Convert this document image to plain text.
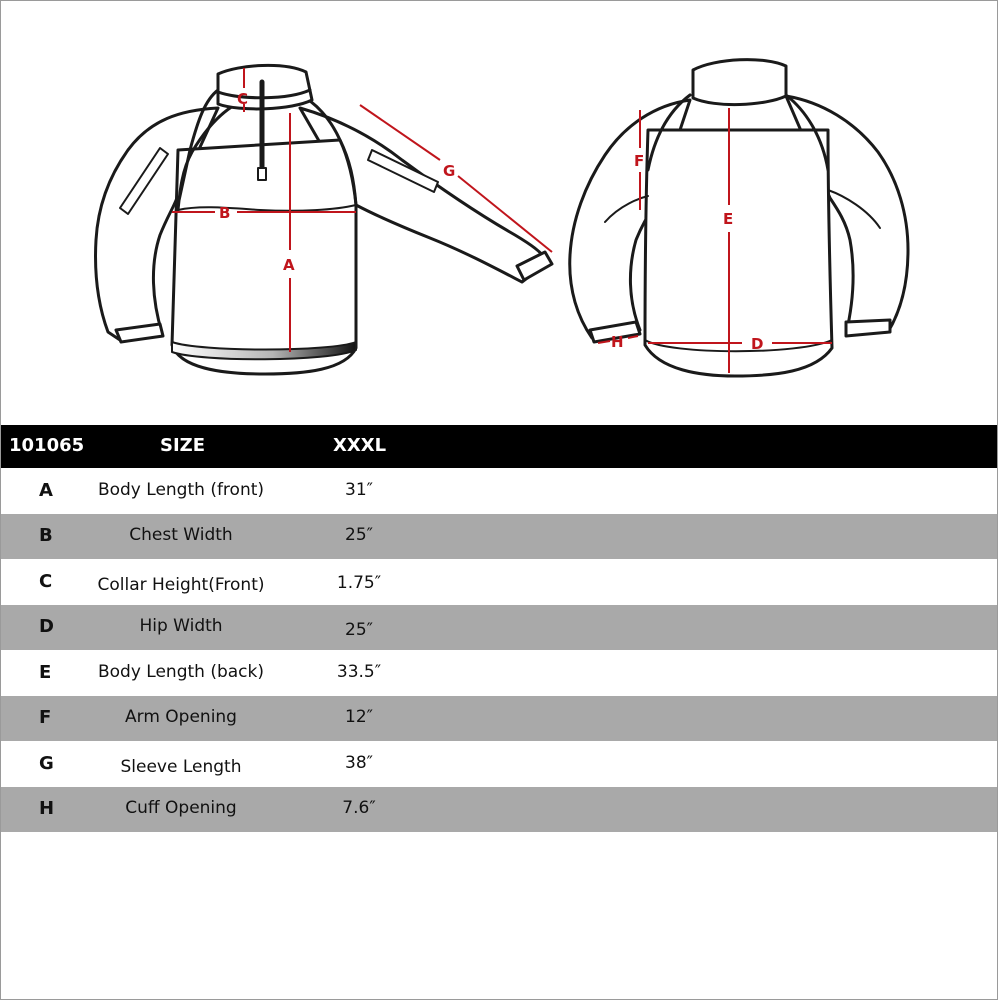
A
B
C
G
D
E
F
H
101065	SIZE	XXXL
A	Body Length (front)	31″
B	Chest Width	25″
C	Collar Height(Front)	1.75″
D	Hip Width	25″
E	Body Length (back)	33.5″
F	Arm Opening	12″
G	Sleeve Length	38″
H	Cuff Opening	7.6″
